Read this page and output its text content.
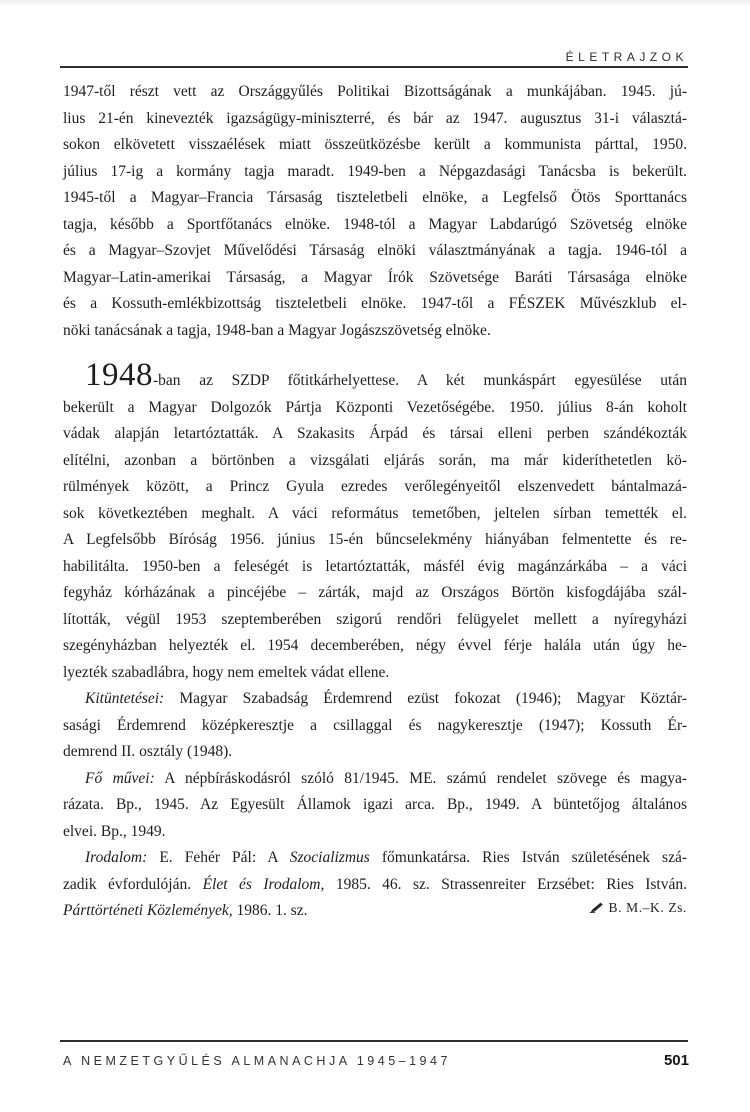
ÉLETRAJZOK
1947-től részt vett az Országgyűlés Politikai Bizottságának a munkájában. 1945. jú-
lius 21-én kinevezték igazságügy-miniszterré, és bár az 1947. augusztus 31-i választá-
sokon elkövetett visszaélések miatt összeütközésbe került a kommunista párttal, 1950.
július 17-ig a kormány tagja maradt. 1949-ben a Népgazdasági Tanácsba is bekerült.
1945-től a Magyar–Francia Társaság tiszteletbeli elnöke, a Legfelső Ötös Sporttanács
tagja, később a Sportfőtanács elnöke. 1948-tól a Magyar Labdarúgó Szövetség elnöke
és a Magyar–Szovjet Művelődési Társaság elnöki választmányának a tagja. 1946-tól a
Magyar–Latin-amerikai Társaság, a Magyar Írók Szövetsége Baráti Társasága elnöke
és a Kossuth-emlékbizottság tiszteletbeli elnöke. 1947-től a FÉSZEK Művészklub el-
nöki tanácsának a tagja, 1948-ban a Magyar Jogászszövetség elnöke.
1948-ban az SZDP főtitkárhelyettese. A két munkáspárt egyesülése után
bekerült a Magyar Dolgozók Pártja Központi Vezetőségébe. 1950. július 8-án koholt
vádak alapján letartóztatták. A Szakasits Árpád és társai elleni perben szándékozták
elítélni, azonban a börtönben a vizsgálati eljárás során, ma már kideríthetetlen kö-
rülmények között, a Princz Gyula ezredes verőlegényeitől elszenvedett bántalmazá-
sok következtében meghalt. A váci református temetőben, jeltelen sírban temették el.
A Legfelsőbb Bíróság 1956. június 15-én bűncselekmény hiányában felmentette és re-
habilitálta. 1950-ben a feleségét is letartóztatták, másfél évig magánzárkába – a váci
fegyház kórházának a pincéjébe – zárták, majd az Országos Börtön kisfogdájába szál-
lították, végül 1953 szeptemberében szigorú rendőri felügyelet mellett a nyíregyházi
szegényházban helyezték el. 1954 decemberében, négy évvel férje halála után úgy he-
lyezték szabadlábra, hogy nem emeltek vádat ellene.
Kitüntetései: Magyar Szabadság Érdemrend ezüst fokozat (1946); Magyar Köztár-
sasági Érdemrend középkeresztje a csillaggal és nagykeresztje (1947); Kossuth Ér-
demrend II. osztály (1948).
Fő művei: A népbíráskodásról szóló 81/1945. ME. számú rendelet szövege és magya-
rázata. Bp., 1945. Az Egyesült Államok igazi arca. Bp., 1949. A büntetőjog általános
elvei. Bp., 1949.
Irodalom: E. Fehér Pál: A Szocializmus főmunkatársa. Ries István születésének szá-
zadik évfordulóján. Élet és Irodalom, 1985. 46. sz. Strassenreiter Erzsébet: Ries István.
Párttörténeti Közlemények, 1986. 1. sz.	B. M.–K. Zs.
A NEMZETGYŰLÉS ALMANACHJA 1945–1947	501
